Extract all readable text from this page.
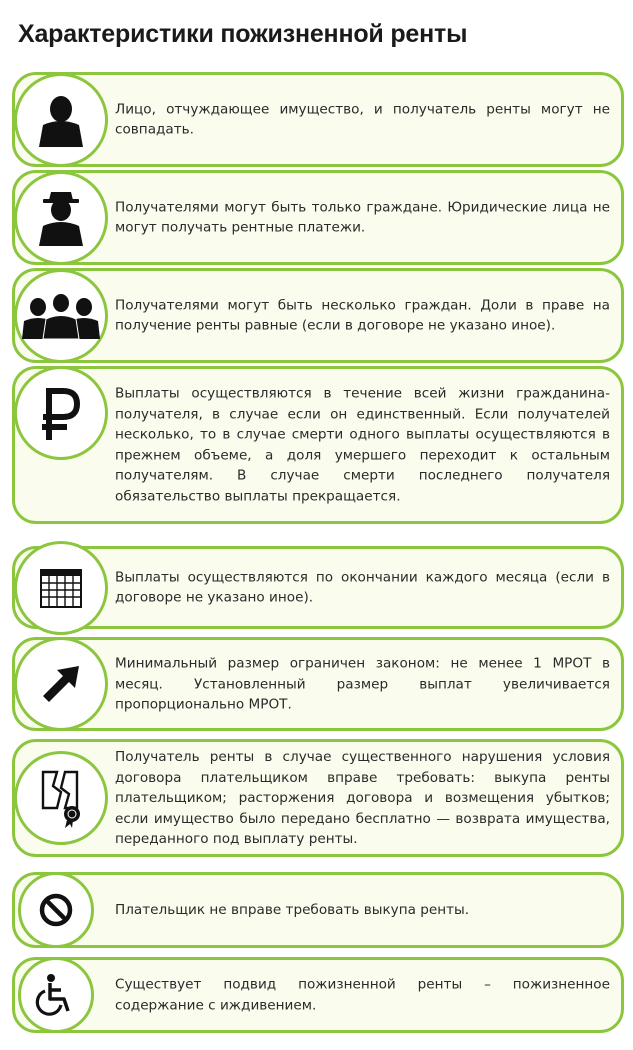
Характеристики пожизненной ренты
Лицо, отчуждающее имущество, и получатель ренты могут не совпадать.
Получателями могут быть только граждане. Юридические лица не могут получать рентные платежи.
Получателями могут быть несколько граждан. Доли в праве на получение ренты равные (если в договоре не указано иное).
Выплаты осуществляются в течение всей жизни гражданина-получателя, в случае если он единственный. Если получателей несколько, то в случае смерти одного выплаты осуществляются в прежнем объеме, а доля умершего переходит к остальным получателям. В случае смерти последнего получателя обязательство выплаты прекращается.
Выплаты осуществляются по окончании каждого месяца (если в договоре не указано иное).
Минимальный размер ограничен законом: не менее 1 МРОТ в месяц. Установленный размер выплат увеличивается пропорционально МРОТ.
Получатель ренты в случае существенного нарушения условия договора плательщиком вправе требовать: выкупа ренты плательщиком; расторжения договора и возмещения убытков; если имущество было передано бесплатно — возврата имущества, переданного под выплату ренты.
Плательщик не вправе требовать выкупа ренты.
Существует подвид пожизненной ренты – пожизненное содержание с иждивением.
